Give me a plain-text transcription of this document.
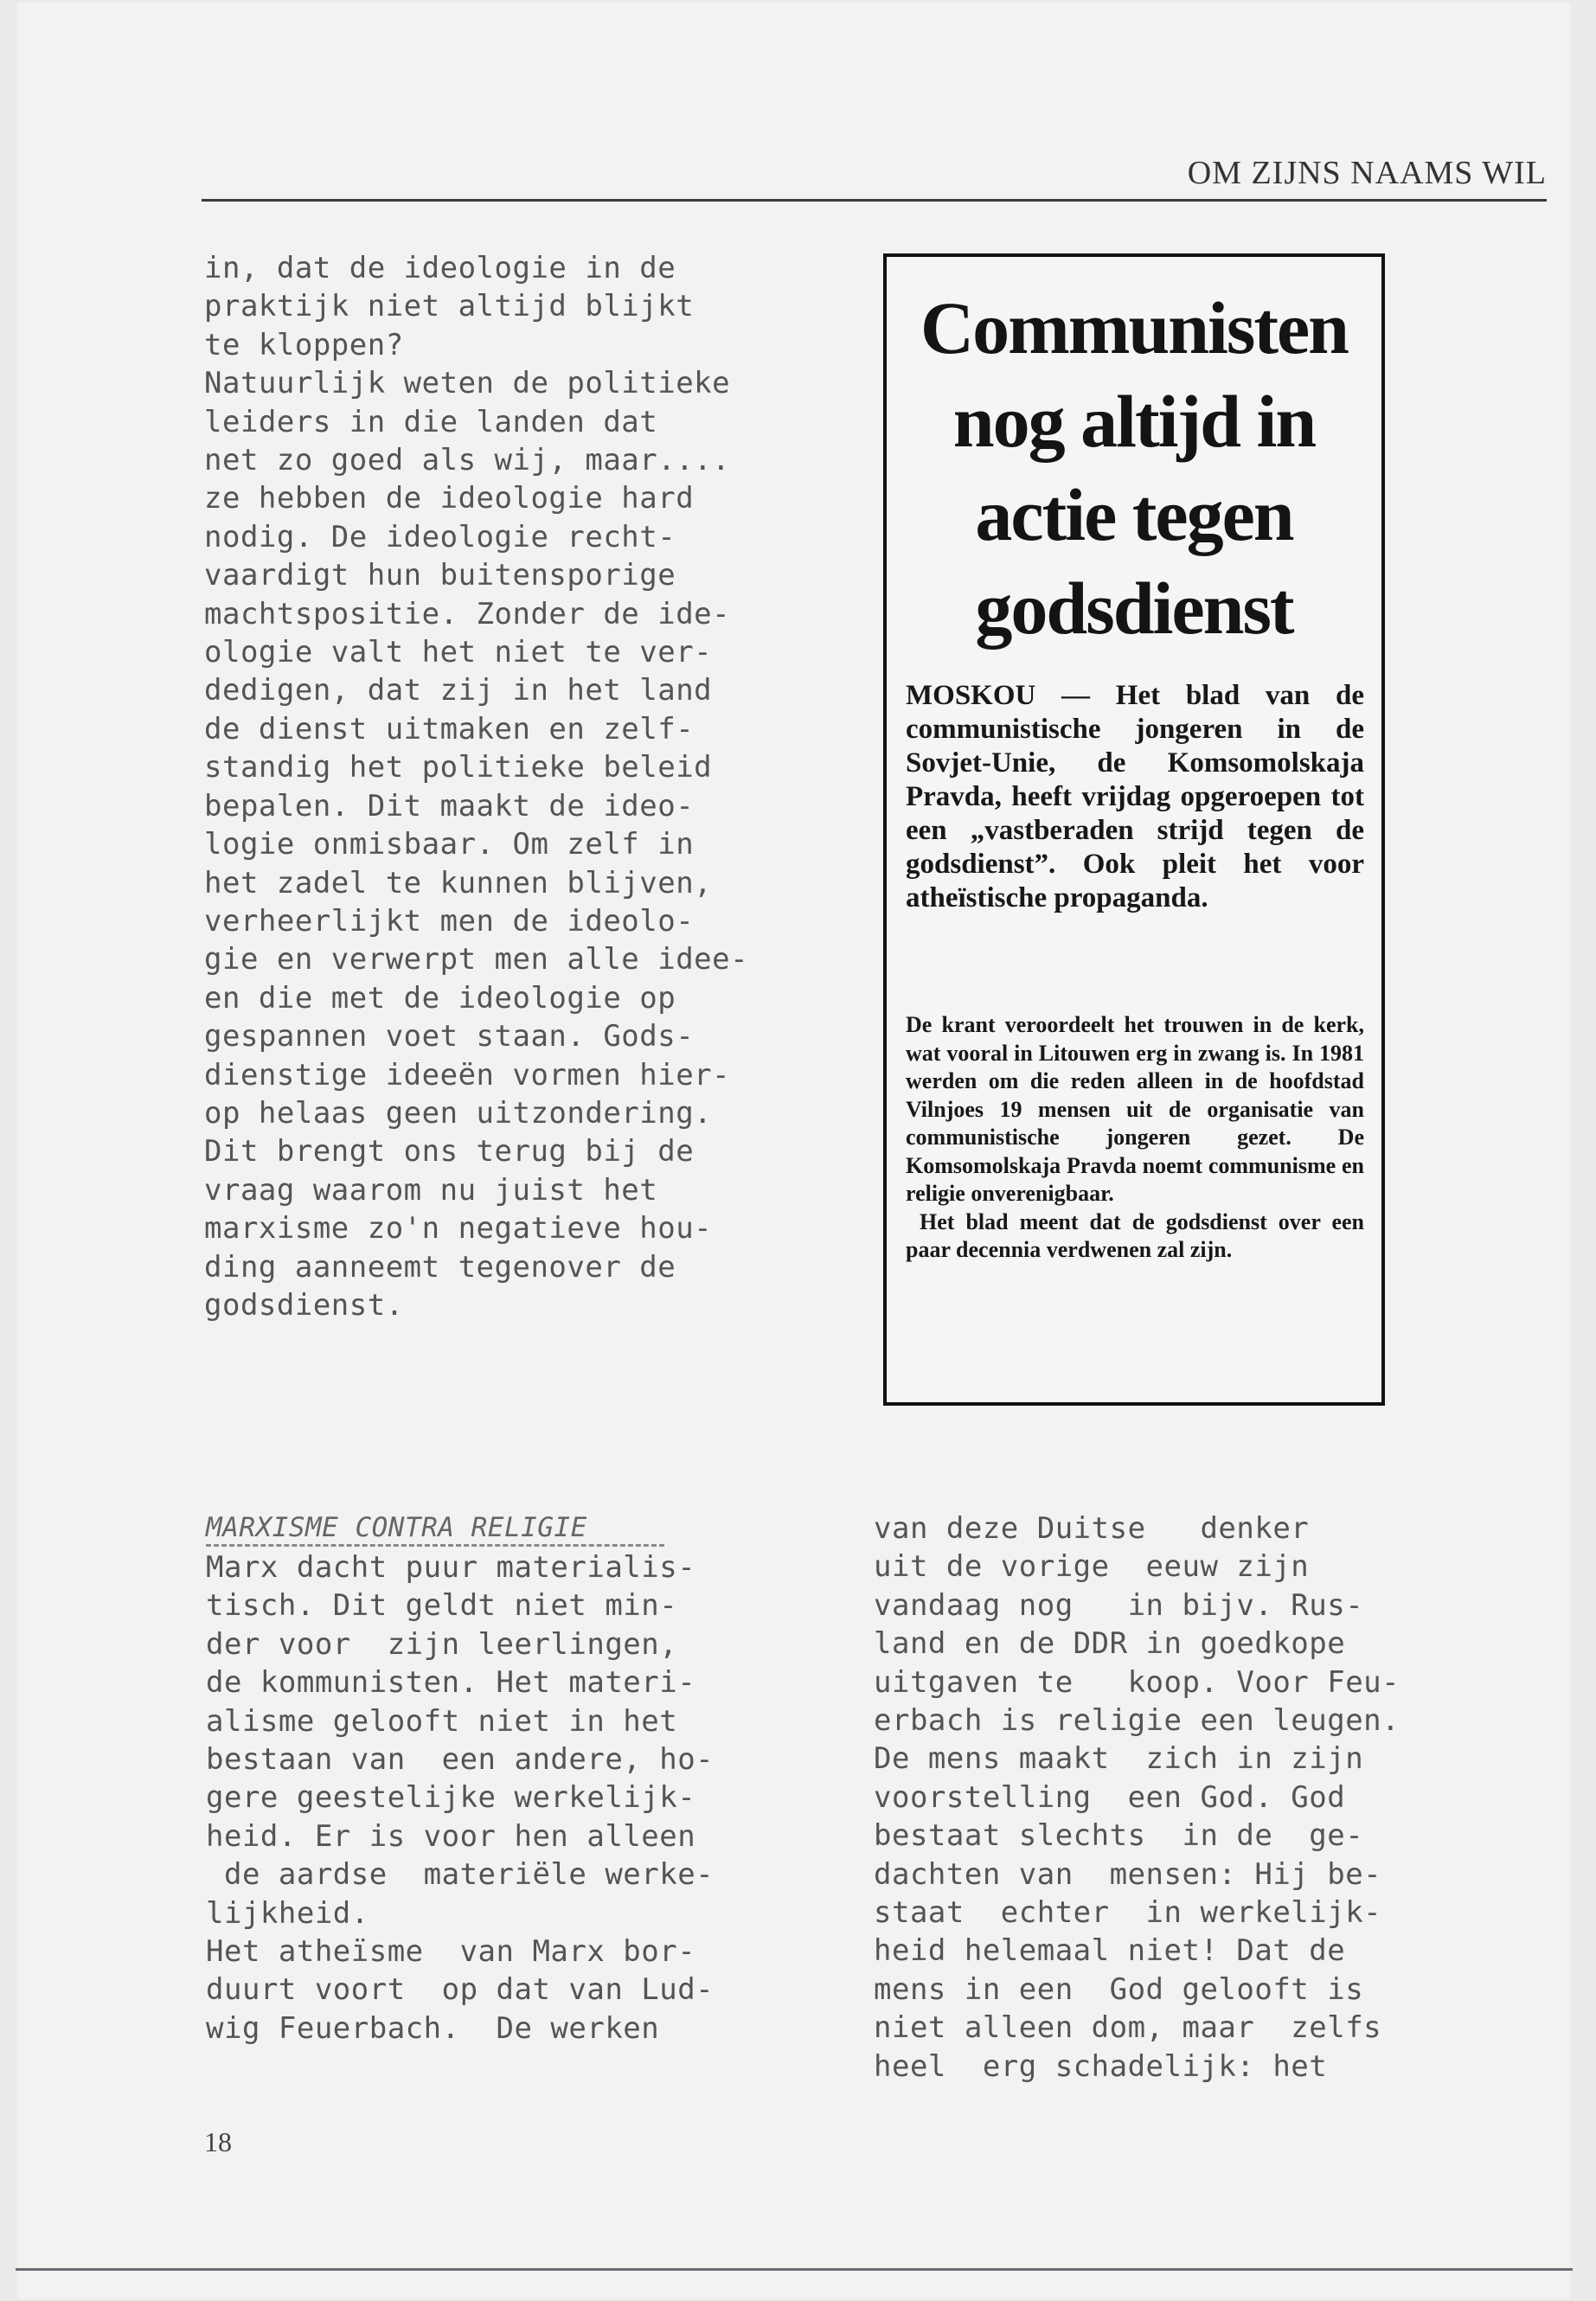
OM ZIJNS NAAMS WIL
in, dat de ideologie in de
praktijk niet altijd blijkt
te kloppen?
Natuurlijk weten de politieke
leiders in die landen dat
net zo goed als wij, maar....
ze hebben de ideologie hard
nodig. De ideologie recht-
vaardigt hun buitensporige
machtspositie. Zonder de ide-
ologie valt het niet te ver-
dedigen, dat zij in het land
de dienst uitmaken en zelf-
standig het politieke beleid
bepalen. Dit maakt de ideo-
logie onmisbaar. Om zelf in
het zadel te kunnen blijven,
verheerlijkt men de ideolo-
gie en verwerpt men alle idee-
en die met de ideologie op
gespannen voet staan. Gods-
dienstige ideeën vormen hier-
op helaas geen uitzondering.
Dit brengt ons terug bij de
vraag waarom nu juist het
marxisme zo'n negatieve hou-
ding aanneemt tegenover de
godsdienst.
Communisten
nog altijd in
actie tegen
godsdienst
MOSKOU — Het blad van de communistische jongeren in de Sovjet-Unie, de Komsomolskaja Pravda, heeft vrijdag opgeroepen tot een „vastberaden strijd tegen de godsdienst”. Ook pleit het voor atheïstische propaganda.

De krant veroordeelt het trouwen in de kerk, wat vooral in Litouwen erg in zwang is. In 1981 werden om die reden alleen in de hoofdstad Vilnjoes 19 mensen uit de organisatie van communistische jongeren gezet. De Komsomolskaja Pravda noemt communisme en religie onverenigbaar.

Het blad meent dat de godsdienst over een paar decennia verdwenen zal zijn.

MARXISME CONTRA RELIGIE
Marx dacht puur materialis-
tisch. Dit geldt niet min-
der voor  zijn leerlingen,
de kommunisten. Het materi-
alisme gelooft niet in het
bestaan van  een andere, ho-
gere geestelijke werkelijk-
heid. Er is voor hen alleen
de aardse  materiële werke-
lijkheid.
Het atheïsme  van Marx bor-
duurt voort  op dat van Lud-
wig Feuerbach.  De werken
van deze Duitse   denker
uit de vorige  eeuw zijn
vandaag nog   in bijv. Rus-
land en de DDR in goedkope
uitgaven te   koop. Voor Feu-
erbach is religie een leugen.
De mens maakt  zich in zijn
voorstelling  een God. God
bestaat slechts  in de  ge-
dachten van  mensen: Hij be-
staat  echter  in werkelijk-
heid helemaal niet! Dat de
mens in een  God gelooft is
niet alleen dom, maar  zelfs
heel  erg schadelijk: het
18
